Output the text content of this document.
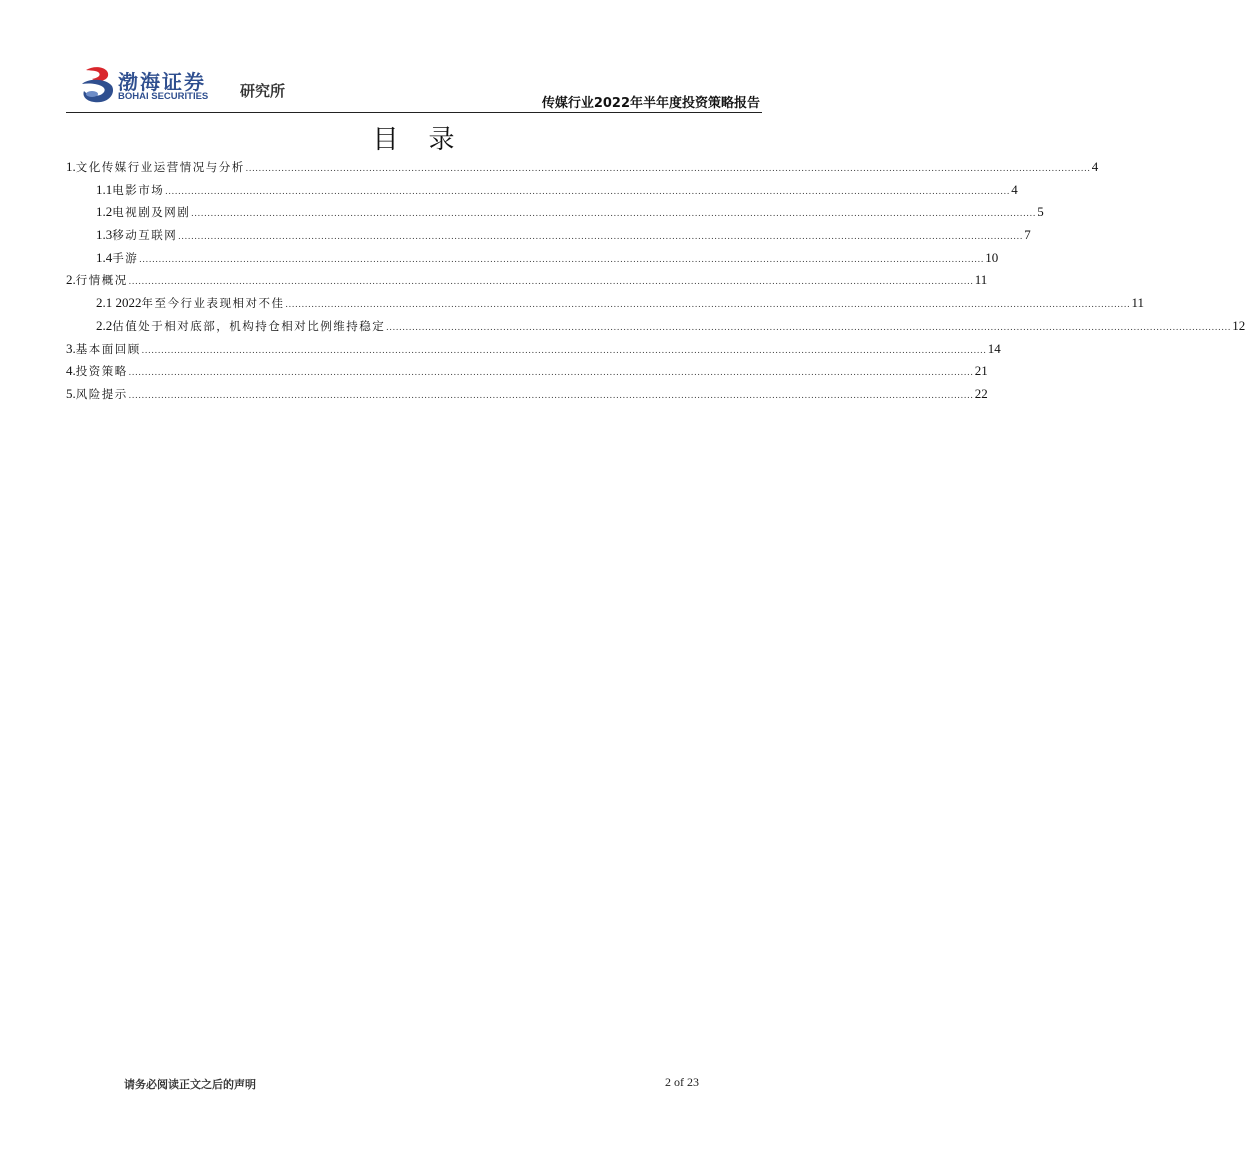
渤海证券
BOHAI SECURITIES 研究所
传媒行业2022年半年度投资策略报告
目录
1. 文化传媒行业运营情况与分析 .................................................................................................................................................................................................................................................................... 4
1.1 电影市场 .................................................................................................................................................................................................................................................................... 4
1.2 电视剧及网剧 .................................................................................................................................................................................................................................................................... 5
1.3 移动互联网 .................................................................................................................................................................................................................................................................... 7
1.4 手游 .................................................................................................................................................................................................................................................................... 10
2. 行情概况 .................................................................................................................................................................................................................................................................... 11
2.1 2022 年至今行业表现相对不佳 .................................................................................................................................................................................................................................................................... 11
2.2 估值处于相对底部，机构持仓相对比例维持稳定 .................................................................................................................................................................................................................................................................... 12
3. 基本面回顾 .................................................................................................................................................................................................................................................................... 14
4. 投资策略 .................................................................................................................................................................................................................................................................... 21
5. 风险提示 .................................................................................................................................................................................................................................................................... 22
请务必阅读正文之后的声明	2 of 23
